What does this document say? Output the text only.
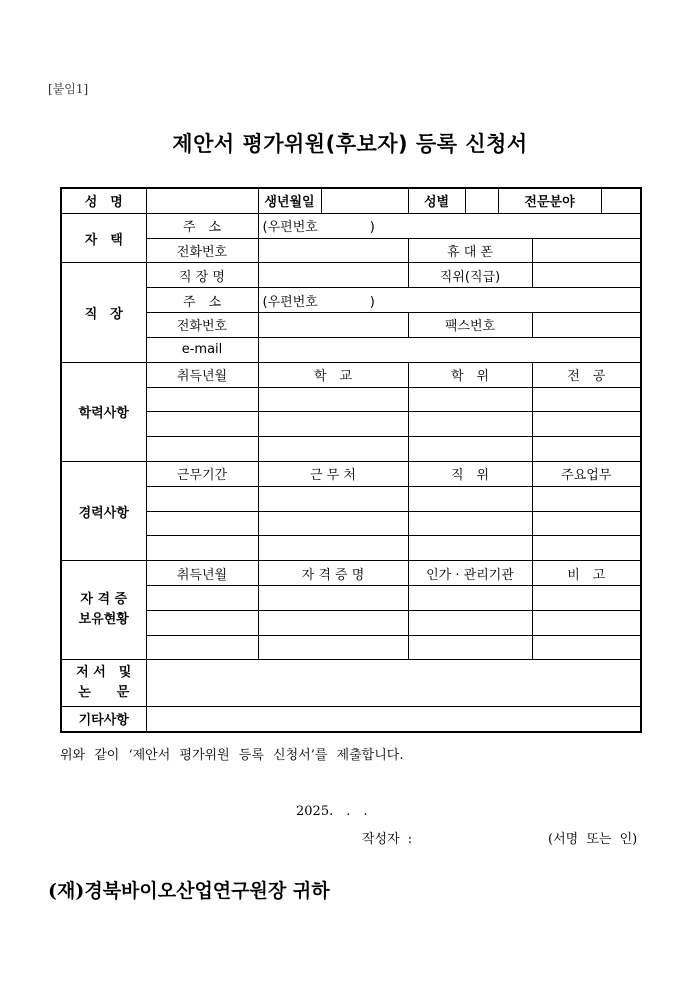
[붙임1]
제안서 평가위원(후보자) 등록 신청서
성　명		생년월일		성별		전문분야		
자　택	주　소	(우편번호　　　　)						
	전화번호			휴 대 폰				
직　장	직 장 명			직위(직급)				
	주　소	(우편번호　　　　)						
	전화번호			팩스번호				
	e-mail							
학력사항	취득년월	학　교		학　위			전　공	

경력사항	근무기간	근 무 처		직　위			주요업무	

자 격 증
보유현황	취득년월	자 격 증 명		인가 · 관리기관			비　고	

저 서　및
논　　문								

기타사항								
위와 같이 ‘제안서 평가위원 등록 신청서’를 제출합니다.
2025.　.　.
작성자 :	(서명 또는 인)
(재)경북바이오산업연구원장 귀하
